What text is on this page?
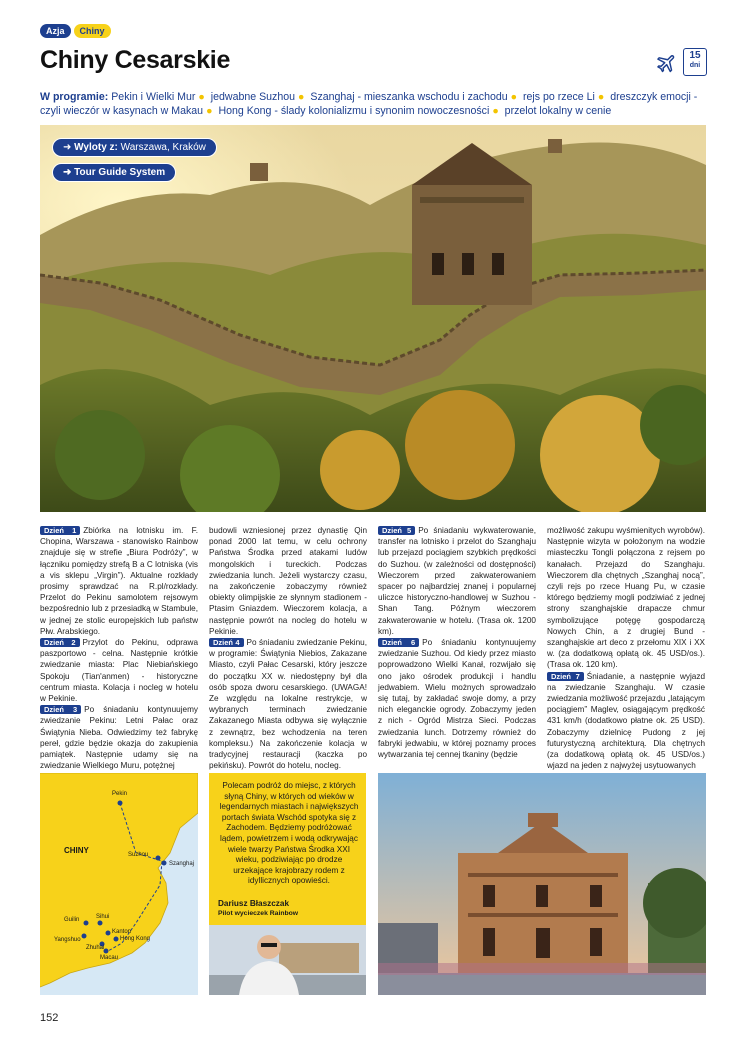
Azja	Chiny
Chiny Cesarskie	15
dni
W programie: Pekin i Wielki Mur ● jedwabne Suzhou ● Szanghaj - mieszanka wschodu i zachodu ● rejs po rzece Li ● dreszczyk emocji - czyli wieczór w kasynach w Makau ● Hong Kong - ślady kolonializmu i synonim nowoczesności ● przelot lokalny w cenie
➜ Wyloty z: Warszawa, Kraków
➜ Tour Guide System

Dzień 1 Zbiórka na lotnisku im. F. Chopina, Warszawa - stanowisko Rainbow znajduje się w strefie „Biura Podróży”, w łączniku pomiędzy strefą B a C lotniska (vis a vis sklepu „Virgin”). Aktualne rozkłady prosimy sprawdzać na R.pl/rozkłady. Przelot do Pekinu samolotem rejsowym bezpośrednio lub z przesiadką w Stambule, w jednej ze stolic europejskich lub państw Płw. Arabskiego.

Dzień 2 Przylot do Pekinu, odprawa paszportowo - celna. Następnie krótkie zwiedzanie miasta: Plac Niebiańskiego Spokoju (Tian'anmen) - historyczne centrum miasta. Kolacja i nocleg w hotelu w Pekinie.

Dzień 3 Po śniadaniu kontynuujemy zwiedzanie Pekinu: Letni Pałac oraz Świątynia Nieba. Odwiedzimy też fabrykę pereł, gdzie będzie okazja do zakupienia pamiątek. Następnie udamy się na zwiedzanie Wielkiego Muru, potężnej

budowli wzniesionej przez dynastię Qin ponad 2000 lat temu, w celu ochrony Państwa Środka przed atakami ludów mongolskich i tureckich. Podczas zwiedzania lunch. Jeżeli wystarczy czasu, na zakończenie zobaczymy również obiekty olimpijskie ze słynnym stadionem - Ptasim Gniazdem. Wieczorem kolacja, a następnie powrót na nocleg do hotelu w Pekinie.

Dzień 4 Po śniadaniu zwiedzanie Pekinu, w programie: Świątynia Niebios, Zakazane Miasto, czyli Pałac Cesarski, który jeszcze do początku XX w. niedostępny był dla osób spoza dworu cesarskiego. (UWAGA! Ze względu na lokalne restrykcje, w wybranych terminach zwiedzanie Zakazanego Miasta odbywa się wyłącznie z zewnątrz, bez wchodzenia na teren kompleksu.) Na zakończenie kolacja w tradycyjnej restauracji (kaczka po pekińsku). Powrót do hotelu, nocleg.

Dzień 5 Po śniadaniu wykwaterowanie, transfer na lotnisko i przelot do Szanghaju lub przejazd pociągiem szybkich prędkości do Suzhou. (w zależności od dostępności) Wieczorem przed zakwaterowaniem spacer po najbardziej znanej i popularnej uliczce historyczno-handlowej w Suzhou - Shan Tang. Późnym wieczorem zakwaterowanie w hotelu. (Trasa ok. 1200 km).

Dzień 6 Po śniadaniu kontynuujemy zwiedzanie Suzhou. Od kiedy przez miasto poprowadzono Wielki Kanał, rozwijało się ono jako ośrodek produkcji i handlu jedwabiem. Wielu możnych sprowadzało się tutaj, by zakładać swoje domy, a przy nich eleganckie ogrody. Zobaczymy jeden z nich - Ogród Mistrza Sieci. Podczas zwiedzania lunch. Dotrzemy również do fabryki jedwabiu, w której poznamy proces wytwarzania tej cennej tkaniny (będzie

możliwość zakupu wyśmienitych wyrobów). Następnie wizyta w położonym na wodzie miasteczku Tongli połączona z rejsem po kanałach. Przejazd do Szanghaju. Wieczorem dla chętnych „Szanghaj nocą”, czyli rejs po rzece Huang Pu, w czasie którego będziemy mogli podziwiać z jednej strony szanghajskie drapacze chmur symbolizujące potęgę gospodarczą Nowych Chin, a z drugiej Bund - szanghajskie art deco z przełomu XIX i XX w. (za dodatkową opłatą ok. 45 USD/os.). (Trasa ok. 120 km).

Dzień 7 Śniadanie, a następnie wyjazd na zwiedzanie Szanghaju. W czasie zwiedzania możliwość przejazdu „latającym pociągiem” Maglev, osiągającym prędkość 431 km/h (dodatkowo płatne ok. 25 USD). Zobaczymy dzielnicę Pudong z jej futurystyczną architekturą. Dla chętnych (za dodatkową opłatą ok. 45 USD/os.) wjazd na jeden z najwyżej usytuowanych

CHINY
Pekin
Suzhou
Szanghaj
Guilin	Sihui
Yangshuo
Kanton
Hong Kong
Zhuhai
Macau
Polecam podróż do miejsc, z których słyną Chiny, w których od wieków w legendarnych miastach i największych portach świata Wschód spotyka się z Zachodem. Będziemy podróżować lądem, powietrzem i wodą odkrywając wiele twarzy Państwa Środka XXI wieku, podziwiając po drodze urzekające krajobrazy rodem z idyllicznych opowieści.
Dariusz Błaszczak
Pilot wycieczek Rainbow
152
